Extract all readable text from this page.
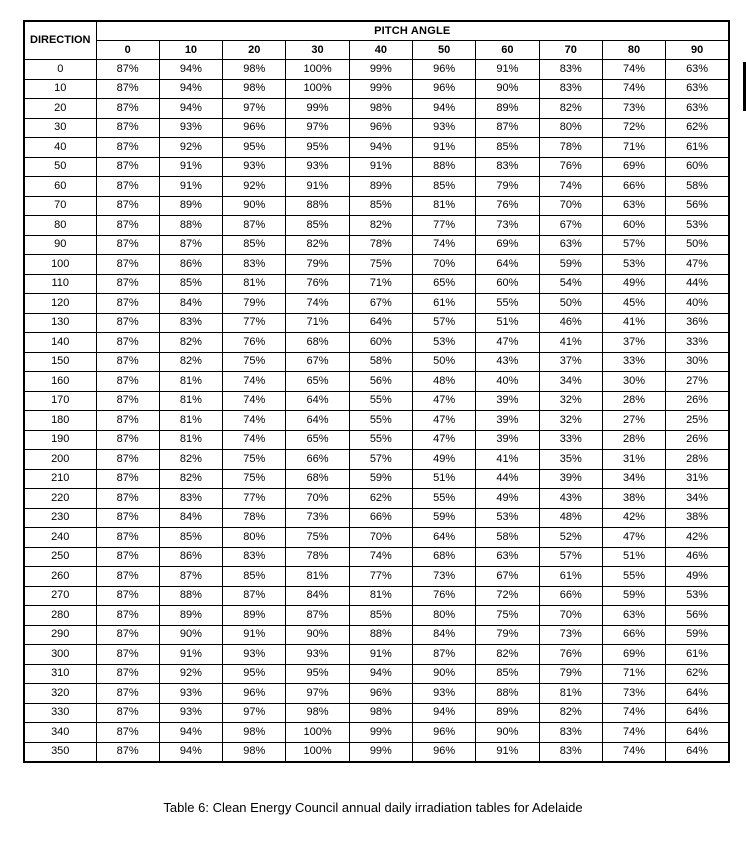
DIRECTION	PITCH ANGLE									
	0	10	20	30	40	50	60	70	80	90
0	87%	94%	98%	100%	99%	96%	91%	83%	74%	63%
10	87%	94%	98%	100%	99%	96%	90%	83%	74%	63%
20	87%	94%	97%	99%	98%	94%	89%	82%	73%	63%
30	87%	93%	96%	97%	96%	93%	87%	80%	72%	62%
40	87%	92%	95%	95%	94%	91%	85%	78%	71%	61%
50	87%	91%	93%	93%	91%	88%	83%	76%	69%	60%
60	87%	91%	92%	91%	89%	85%	79%	74%	66%	58%
70	87%	89%	90%	88%	85%	81%	76%	70%	63%	56%
80	87%	88%	87%	85%	82%	77%	73%	67%	60%	53%
90	87%	87%	85%	82%	78%	74%	69%	63%	57%	50%
100	87%	86%	83%	79%	75%	70%	64%	59%	53%	47%
110	87%	85%	81%	76%	71%	65%	60%	54%	49%	44%
120	87%	84%	79%	74%	67%	61%	55%	50%	45%	40%
130	87%	83%	77%	71%	64%	57%	51%	46%	41%	36%
140	87%	82%	76%	68%	60%	53%	47%	41%	37%	33%
150	87%	82%	75%	67%	58%	50%	43%	37%	33%	30%
160	87%	81%	74%	65%	56%	48%	40%	34%	30%	27%
170	87%	81%	74%	64%	55%	47%	39%	32%	28%	26%
180	87%	81%	74%	64%	55%	47%	39%	32%	27%	25%
190	87%	81%	74%	65%	55%	47%	39%	33%	28%	26%
200	87%	82%	75%	66%	57%	49%	41%	35%	31%	28%
210	87%	82%	75%	68%	59%	51%	44%	39%	34%	31%
220	87%	83%	77%	70%	62%	55%	49%	43%	38%	34%
230	87%	84%	78%	73%	66%	59%	53%	48%	42%	38%
240	87%	85%	80%	75%	70%	64%	58%	52%	47%	42%
250	87%	86%	83%	78%	74%	68%	63%	57%	51%	46%
260	87%	87%	85%	81%	77%	73%	67%	61%	55%	49%
270	87%	88%	87%	84%	81%	76%	72%	66%	59%	53%
280	87%	89%	89%	87%	85%	80%	75%	70%	63%	56%
290	87%	90%	91%	90%	88%	84%	79%	73%	66%	59%
300	87%	91%	93%	93%	91%	87%	82%	76%	69%	61%
310	87%	92%	95%	95%	94%	90%	85%	79%	71%	62%
320	87%	93%	96%	97%	96%	93%	88%	81%	73%	64%
330	87%	93%	97%	98%	98%	94%	89%	82%	74%	64%
340	87%	94%	98%	100%	99%	96%	90%	83%	74%	64%
350	87%	94%	98%	100%	99%	96%	91%	83%	74%	64%
Table 6: Clean Energy Council annual daily irradiation tables for Adelaide
